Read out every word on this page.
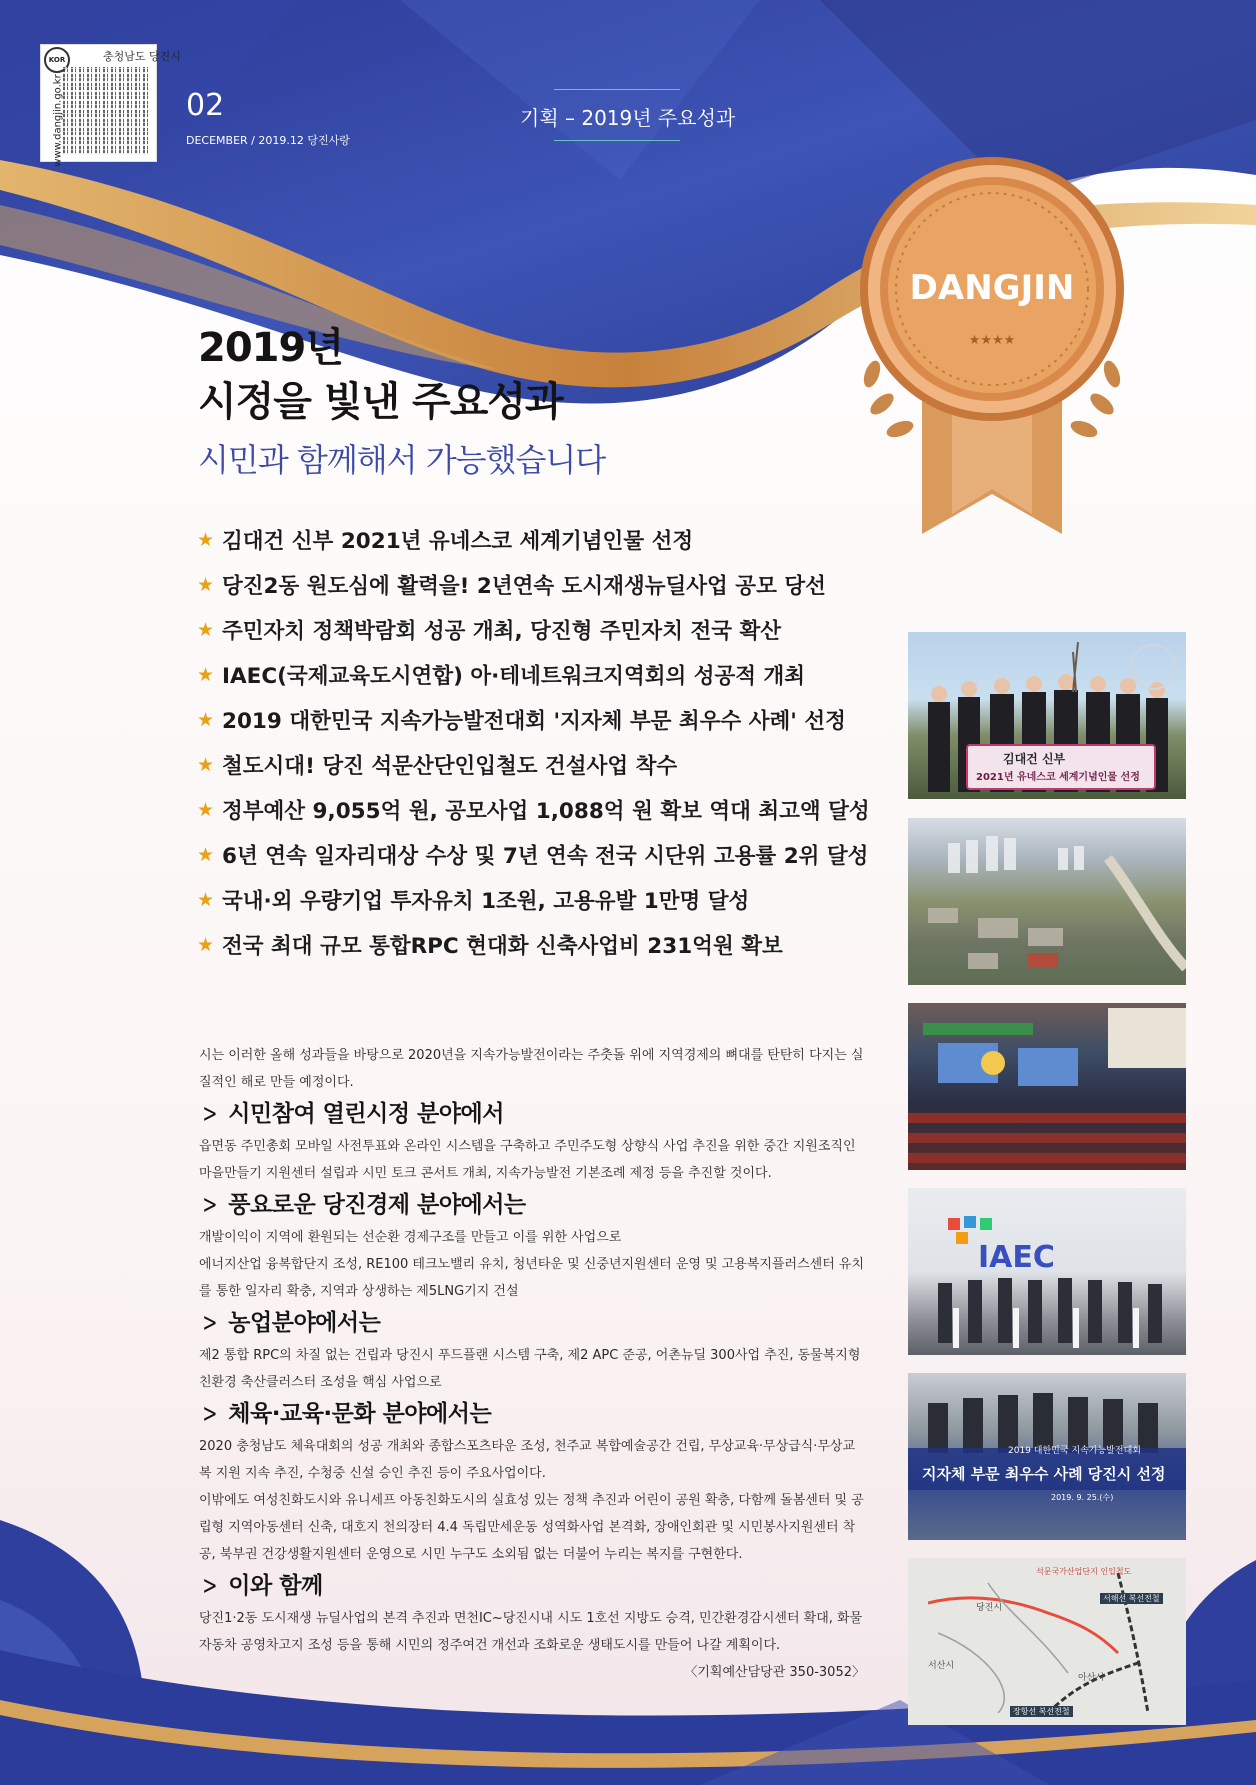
KOR	충청남도 당진시
www.dangjin.go.kr	02
DECEMBER / 2019.12 당진사랑
기획 – 2019년 주요성과
DANGJIN
★★★★
2019년
시정을 빛낸 주요성과
시민과 함께해서 가능했습니다
★ 김대건 신부 2021년 유네스코 세계기념인물 선정
★ 당진2동 원도심에 활력을! 2년연속 도시재생뉴딜사업 공모 당선
★ 주민자치 정책박람회 성공 개최, 당진형 주민자치 전국 확산
★ IAEC(국제교육도시연합) 아·테네트워크지역회의 성공적 개최
★ 2019 대한민국 지속가능발전대회 '지자체 부문 최우수 사례' 선정
★ 철도시대! 당진 석문산단인입철도 건설사업 착수
★ 정부예산 9,055억 원, 공모사업 1,088억 원 확보 역대 최고액 달성
★ 6년 연속 일자리대상 수상 및 7년 연속 전국 시단위 고용률 2위 달성
★ 국내·외 우량기업 투자유치 1조원, 고용유발 1만명 달성
★ 전국 최대 규모 통합RPC 현대화 신축사업비 231억원 확보

시는 이러한 올해 성과들을 바탕으로 2020년을 지속가능발전이라는 주춧돌 위에 지역경제의 뼈대를 탄탄히 다지는 실질적인 해로 만들 예정이다.

> 시민참여 열린시정 분야에서

읍면동 주민총회 모바일 사전투표와 온라인 시스템을 구축하고 주민주도형 상향식 사업 추진을 위한 중간 지원조직인 마을만들기 지원센터 설립과 시민 토크 콘서트 개최, 지속가능발전 기본조례 제정 등을 추진할 것이다.

> 풍요로운 당진경제 분야에서는

개발이익이 지역에 환원되는 선순환 경제구조를 만들고 이를 위한 사업으로

에너지산업 융복합단지 조성, RE100 테크노밸리 유치, 청년타운 및 신중년지원센터 운영 및 고용복지플러스센터 유치를 통한 일자리 확충, 지역과 상생하는 제5LNG기지 건설

> 농업분야에서는

제2 통합 RPC의 차질 없는 건립과 당진시 푸드플랜 시스템 구축, 제2 APC 준공, 어촌뉴딜 300사업 추진, 동물복지형 친환경 축산클러스터 조성을 핵심 사업으로

> 체육·교육·문화 분야에서는

2020 충청남도 체육대회의 성공 개최와 종합스포츠타운 조성, 천주교 복합예술공간 건립, 무상교육·무상급식·무상교복 지원 지속 추진, 수청중 신설 승인 추진 등이 주요사업이다.

이밖에도 여성친화도시와 유니세프 아동친화도시의 실효성 있는 정책 추진과 어린이 공원 확충, 다함께 돌봄센터 및 공립형 지역아동센터 신축, 대호지 천의장터 4.4 독립만세운동 성역화사업 본격화, 장애인회관 및 시민봉사지원센터 착공, 북부권 건강생활지원센터 운영으로 시민 누구도 소외됨 없는 더불어 누리는 복지를 구현한다.

> 이와 함께

당진1·2동 도시재생 뉴딜사업의 본격 추진과 면천IC~당진시내 시도 1호선 지방도 승격, 민간환경감시센터 확대, 화물자동차 공영차고지 조성 등을 통해 시민의 정주여건 개선과 조화로운 생태도시를 만들어 나갈 계획이다.

〈기획예산담당관 350-3052〉

김대건 신부
2021년 유네스코 세계기념인물 선정
IAEC
2019 대한민국 지속가능발전대회
지자체 부문 최우수 사례 당진시 선정
2019. 9. 25.(수)
석문국가산업단지 인입철도
당진시
아산시
서산시
장항선 복선전철
서해선 복선전철
